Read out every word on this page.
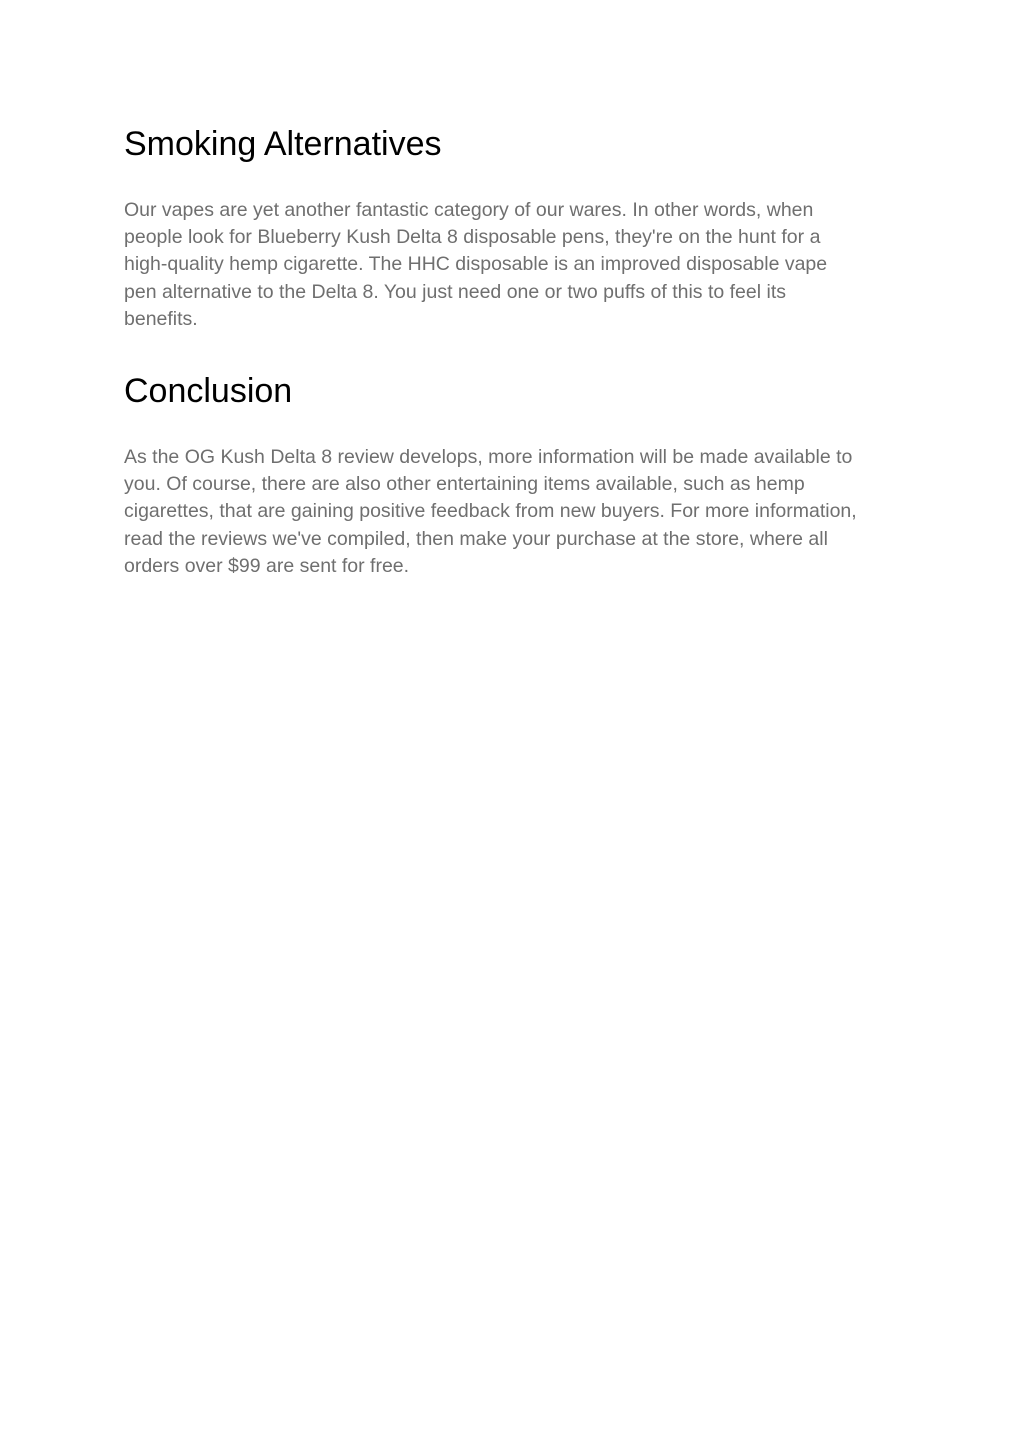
Smoking Alternatives

Our vapes are yet another fantastic category of our wares. In other words, when
people look for Blueberry Kush Delta 8 disposable pens, they're on the hunt for a
high-quality hemp cigarette. The HHC disposable is an improved disposable vape
pen alternative to the Delta 8. You just need one or two puffs of this to feel its
benefits.

Conclusion

As the OG Kush Delta 8 review develops, more information will be made available to
you. Of course, there are also other entertaining items available, such as hemp
cigarettes, that are gaining positive feedback from new buyers. For more information,
read the reviews we've compiled, then make your purchase at the store, where all
orders over $99 are sent for free.
